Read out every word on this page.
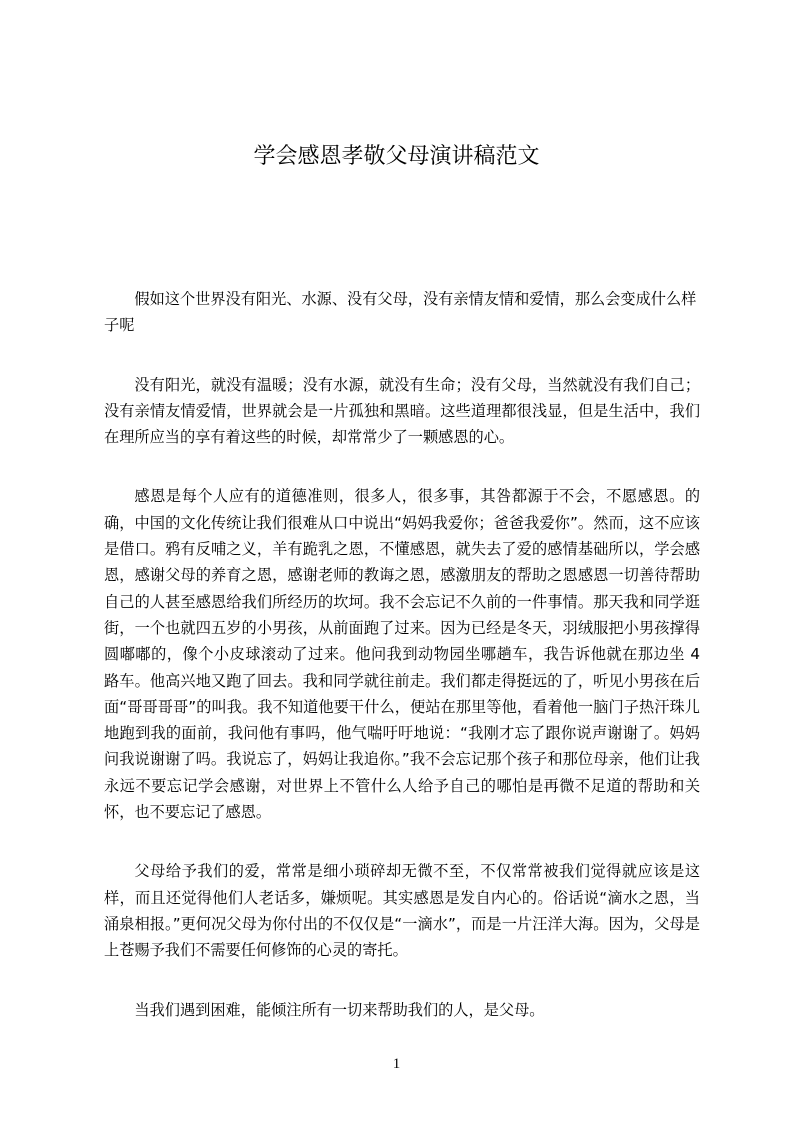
学会感恩孝敬父母演讲稿范文

假如这个世界没有阳光、水源、没有父母，没有亲情友情和爱情，那么会变成什么样子呢

没有阳光，就没有温暖；没有水源，就没有生命；没有父母，当然就没有我们自己；没有亲情友情爱情，世界就会是一片孤独和黑暗。这些道理都很浅显，但是生活中，我们在理所应当的享有着这些的时候，却常常少了一颗感恩的心。

感恩是每个人应有的道德准则，很多人，很多事，其咎都源于不会，不愿感恩。的确，中国的文化传统让我们很难从口中说出“妈妈我爱你；爸爸我爱你”。然而，这不应该是借口。鸦有反哺之义，羊有跪乳之恩，不懂感恩，就失去了爱的感情基础所以，学会感恩，感谢父母的养育之恩，感谢老师的教诲之恩，感激朋友的帮助之恩感恩一切善待帮助自己的人甚至感恩给我们所经历的坎坷。我不会忘记不久前的一件事情。那天我和同学逛街，一个也就四五岁的小男孩，从前面跑了过来。因为已经是冬天，羽绒服把小男孩撑得圆嘟嘟的，像个小皮球滚动了过来。他问我到动物园坐哪趟车，我告诉他就在那边坐 4 路车。他高兴地又跑了回去。我和同学就往前走。我们都走得挺远的了，听见小男孩在后面“哥哥哥哥”的叫我。我不知道他要干什么，便站在那里等他，看着他一脑门子热汗珠儿地跑到我的面前，我问他有事吗，他气喘吁吁地说：“我刚才忘了跟你说声谢谢了。妈妈问我说谢谢了吗。我说忘了，妈妈让我追你。”我不会忘记那个孩子和那位母亲，他们让我永远不要忘记学会感谢，对世界上不管什么人给予自己的哪怕是再微不足道的帮助和关怀，也不要忘记了感恩。

父母给予我们的爱，常常是细小琐碎却无微不至，不仅常常被我们觉得就应该是这样，而且还觉得他们人老话多，嫌烦呢。其实感恩是发自内心的。俗话说“滴水之恩，当涌泉相报。”更何况父母为你付出的不仅仅是“一滴水”，而是一片汪洋大海。因为，父母是上苍赐予我们不需要任何修饰的心灵的寄托。

当我们遇到困难，能倾注所有一切来帮助我们的人，是父母。

1
